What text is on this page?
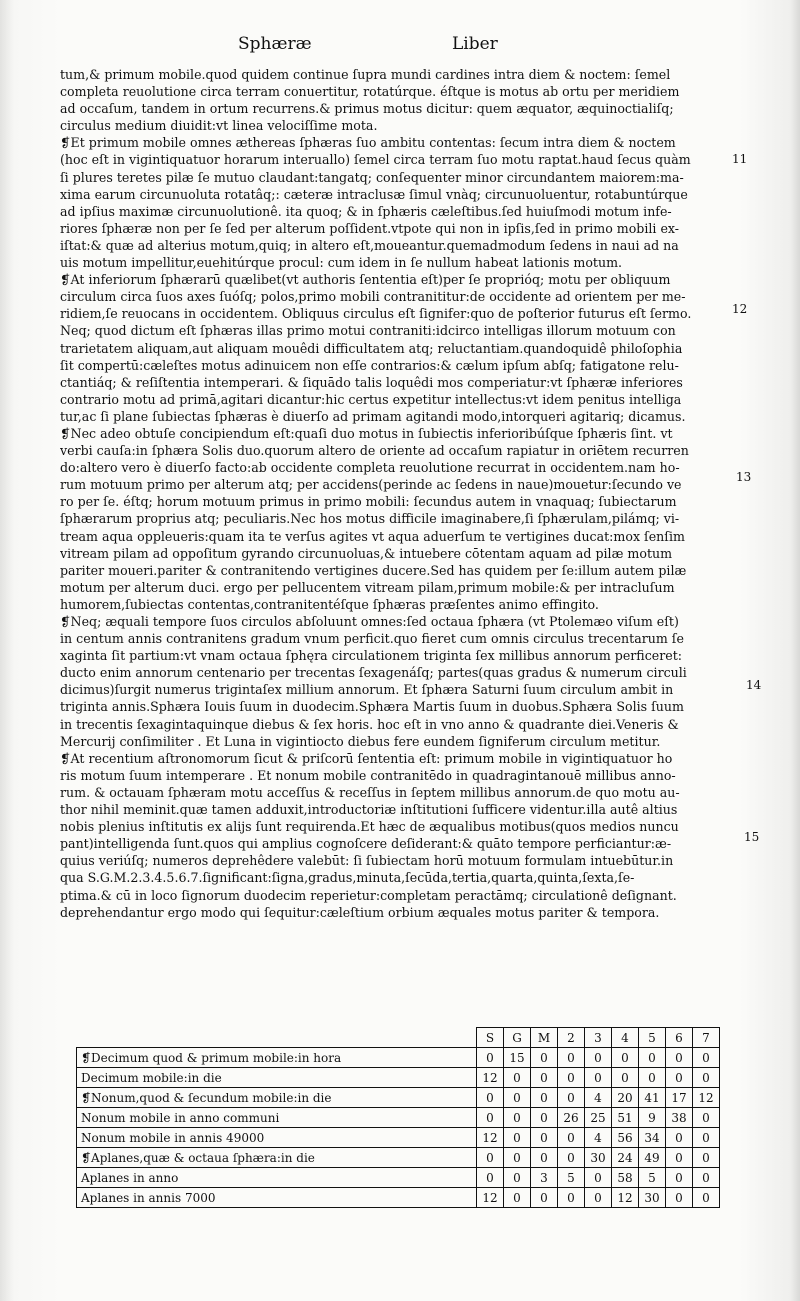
Sphæræ	Liber
tum,& primum mobile.quod quidem continue ſupra mundi cardines intra diem & noctem: ſemel
completa reuolutione circa terram conuertitur, rotatúrque. éſtque is motus ab ortu per meridiem
ad occaſum, tandem in ortum recurrens.& primus motus dicitur: quem æquator, æquinoctialiſq;
circulus medium diuidit:vt linea velociſſime mota.
❡Et primum mobile omnes æthereas ſphæras ſuo ambitu contentas: ſecum intra diem & noctem
(hoc eſt in vigintiquatuor horarum interuallo) ſemel circa terram ſuo motu raptat.haud ſecus quàm
ſi plures teretes pilæ ſe mutuo claudant:tangatq; conſequenter minor circundantem maiorem:ma-
xima earum circunuoluta rotatâq;: cæteræ intraclusæ ſimul vnàq; circunuoluentur, rotabuntúrque
ad ipſius maximæ circunuolutionê. ita quoq; & in ſphæris cæleſtibus.ſed huiuſmodi motum infe-
riores ſphæræ non per ſe ſed per alterum poſſident.vtpote qui non in ipſis,ſed in primo mobili ex-
iſtat:& quæ ad alterius motum,quiq; in altero eſt,moueantur.quemadmodum ſedens in naui ad na
uis motum impellitur,euehitúrque procul: cum idem in ſe nullum habeat lationis motum.
❡At inferiorum ſphærarū quælibet(vt authoris ſententia eſt)per ſe proprióq; motu per obliquum
circulum circa ſuos axes ſuóſq; polos,primo mobili contranititur:de occidente ad orientem per me-
ridiem,ſe reuocans in occidentem. Obliquus circulus eſt ſignifer:quo de poſterior futurus eſt ſermo.
Neq; quod dictum eſt ſphæras illas primo motui contraniti:idcirco intelligas illorum motuum con
trarietatem aliquam,aut aliquam mouêdi difficultatem atq; reluctantiam.quandoquidê philoſophia
ſit compertū:cæleſtes motus adinuicem non eſſe contrarios:& cælum ipſum abſq; fatigatone relu-
ctantiáq; & reſiſtentia intemperari. & ſiquādo talis loquêdi mos comperiatur:vt ſphæræ inferiores
contrario motu ad primā,agitari dicantur:hic certus expetitur intellectus:vt idem penitus intelliga
tur,ac ſi plane ſubiectas ſphæras è diuerſo ad primam agitandi modo,intorqueri agitariq; dicamus.
❡Nec adeo obtuſe concipiendum eſt:quaſi duo motus in ſubiectis inferioribúſque ſphæris ſint. vt
verbi cauſa:in ſphæra Solis duo.quorum altero de oriente ad occaſum rapiatur in oriētem recurren
do:altero vero è diuerſo facto:ab occidente completa reuolutione recurrat in occidentem.nam ho-
rum motuum primo per alterum atq; per accidens(perinde ac ſedens in naue)mouetur:ſecundo ve
ro per ſe. éſtq; horum motuum primus in primo mobili: ſecundus autem in vnaquaq; ſubiectarum
ſphærarum proprius atq; peculiaris.Nec hos motus difficile imaginabere,ſi ſphærulam,pilámq; vi-
tream aqua oppleueris:quam ita te verſus agites vt aqua aduerſum te vertigines ducat:mox ſenſim
vitream pilam ad oppoſitum gyrando circunuoluas,& intuebere cōtentam aquam ad pilæ motum
pariter moueri.pariter & contranitendo vertigines ducere.Sed has quidem per ſe:illum autem pilæ
motum per alterum duci. ergo per pellucentem vitream pilam,primum mobile:& per intracluſum
humorem,ſubiectas contentas,contranitentéſque ſphæras præſentes animo effingito.
❡Neq; æquali tempore ſuos circulos abſoluunt omnes:ſed octaua ſphæra (vt Ptolemæo viſum eſt)
in centum annis contranitens gradum vnum perficit.quo fieret cum omnis circulus trecentarum ſe
xaginta ſit partium:vt vnam octaua ſphęra circulationem triginta ſex millibus annorum perficeret:
ducto enim annorum centenario per trecentas ſexagenáſq; partes(quas gradus & numerum circuli
dicimus)ſurgit numerus trigintaſex millium annorum. Et ſphæra Saturni ſuum circulum ambit in
triginta annis.Sphæra Iouis ſuum in duodecim.Sphæra Martis ſuum in duobus.Sphæra Solis ſuum
in trecentis ſexagintaquinque diebus & ſex horis. hoc eſt in vno anno & quadrante diei.Veneris &
Mercurij conſimiliter . Et Luna in vigintiocto diebus fere eundem ſigniferum circulum metitur.
❡At recentium aſtronomorum ſicut & priſcorū ſententia eſt: primum mobile in vigintiquatuor ho
ris motum ſuum intemperare . Et nonum mobile contranitēdo in quadragintanouē millibus anno-
rum. & octauam ſphæram motu acceſſus & receſſus in ſeptem millibus annorum.de quo motu au-
thor nihil meminit.quæ tamen adduxit,introductoriæ inſtitutioni ſufficere videntur.illa autê altius
nobis plenius inſtitutis ex alijs ſunt requirenda.Et hæc de æqualibus motibus(quos medios nuncu
pant)intelligenda ſunt.quos qui amplius cognoſcere deſiderant:& quāto tempore perficiantur:æ-
quius veriúſq; numeros deprehêdere valebūt: ſi ſubiectam horū motuum formulam intuebūtur.in
qua S.G.M.2.3.4.5.6.7.ſignificant:ſigna,gradus,minuta,ſecūda,tertia,quarta,quinta,ſexta,ſe-
ptima.& cū in loco ſignorum duodecim reperietur:completam peractāmq; circulationê deſignant.
deprehendantur ergo modo qui ſequitur:cæleſtium orbium æquales motus pariter & tempora.
11
12
13
14
15
	S	G	M	2	3	4	5	6	7
❡Decimum quod & primum mobile:in hora	0	15	0	0	0	0	0	0	0
Decimum mobile:in die	12	0	0	0	0	0	0	0	0
❡Nonum,quod & ſecundum mobile:in die	0	0	0	0	4	20	41	17	12
Nonum mobile in anno communi	0	0	0	26	25	51	9	38	0
Nonum mobile in annis 49000	12	0	0	0	4	56	34	0	0
❡Aplanes,quæ & octaua ſphæra:in die	0	0	0	0	30	24	49	0	0
Aplanes in anno	0	0	3	5	0	58	5	0	0
Aplanes in annis 7000	12	0	0	0	0	12	30	0	0
